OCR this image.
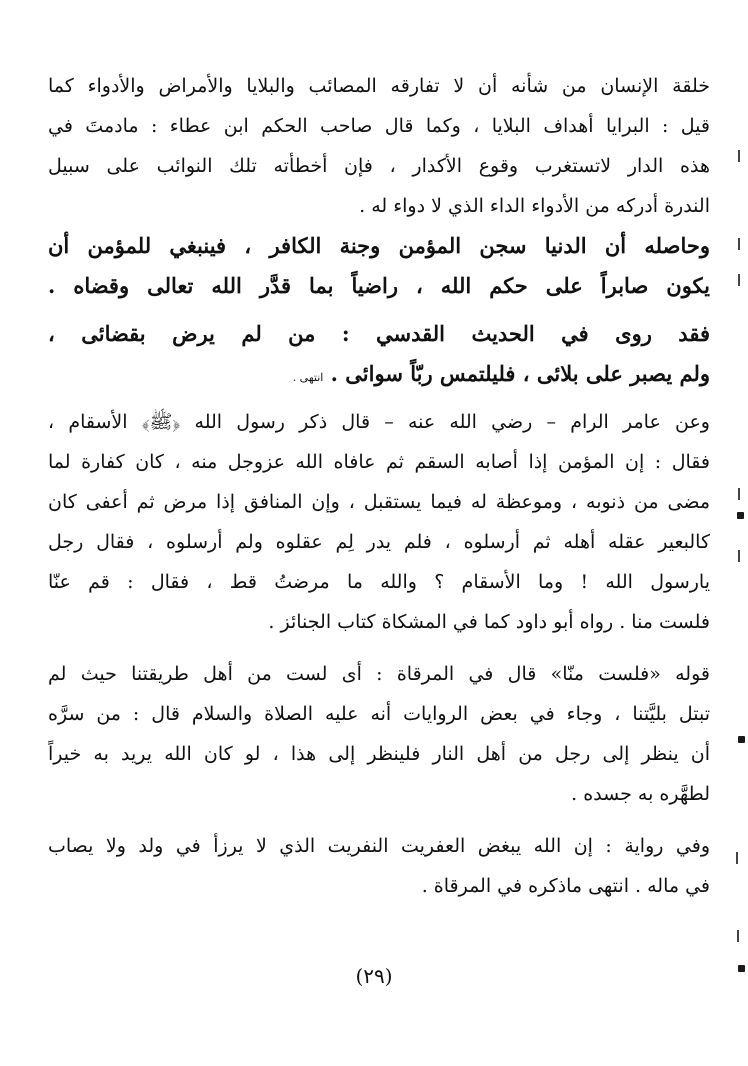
خلقة الإنسان من شأنه أن لا تفارقه المصائب والبلايا والأمراض والأدواء كما
قيل : البرايا أهداف البلايا ، وكما قال صاحب الحكم ابن عطاء : مادمتَ في
هذه الدار لاتستغرب وقوع الأكدار ، فإن أخطأته تلك النوائب على سبيل
الندرة أدركه من الأدواء الداء الذي لا دواء له .
وحاصله أن الدنيا سجن المؤمن وجنة الكافر ، فينبغي للمؤمن أن
يكون صابراً على حكم الله ، راضياً بما قدَّر الله تعالى وقضاه .
فقد روى في الحديث القدسي : من لم يرض بقضائى ،
ولم يصبر على بلائى ، فليلتمس ربّاً سوائى . انتهى .
وعن عامر الرام – رضي الله عنه – قال ذكر رسول الله ﴿ﷺ﴾ الأسقام ،
فقال : إن المؤمن إذا أصابه السقم ثم عافاه الله عزوجل منه ، كان كفارة لما
مضى من ذنوبه ، وموعظة له فيما يستقبل ، وإن المنافق إذا مرض ثم أعفى كان
كالبعير عقله أهله ثم أرسلوه ، فلم يدر لِم عقلوه ولم أرسلوه ، فقال رجل
يارسول الله ! وما الأسقام ؟ والله ما مرضتُ قط ، فقال : قم عنّا
فلست منا . رواه أبو داود كما في المشكاة كتاب الجنائز .
قوله «فلست منّا» قال في المرقاة : أى لست من أهل طريقتنا حيث لم
تبتل بليَّتنا ، وجاء في بعض الروايات أنه عليه الصلاة والسلام قال : من سرَّه
أن ينظر إلى رجل من أهل النار فلينظر إلى هذا ، لو كان الله يريد به خيراً
لطهَّره به جسده .
وفي رواية : إن الله يبغض العفريت النفريت الذي لا يرزأ في ولد ولا يصاب
في ماله . انتهى ماذكره في المرقاة .
(٢٩)
